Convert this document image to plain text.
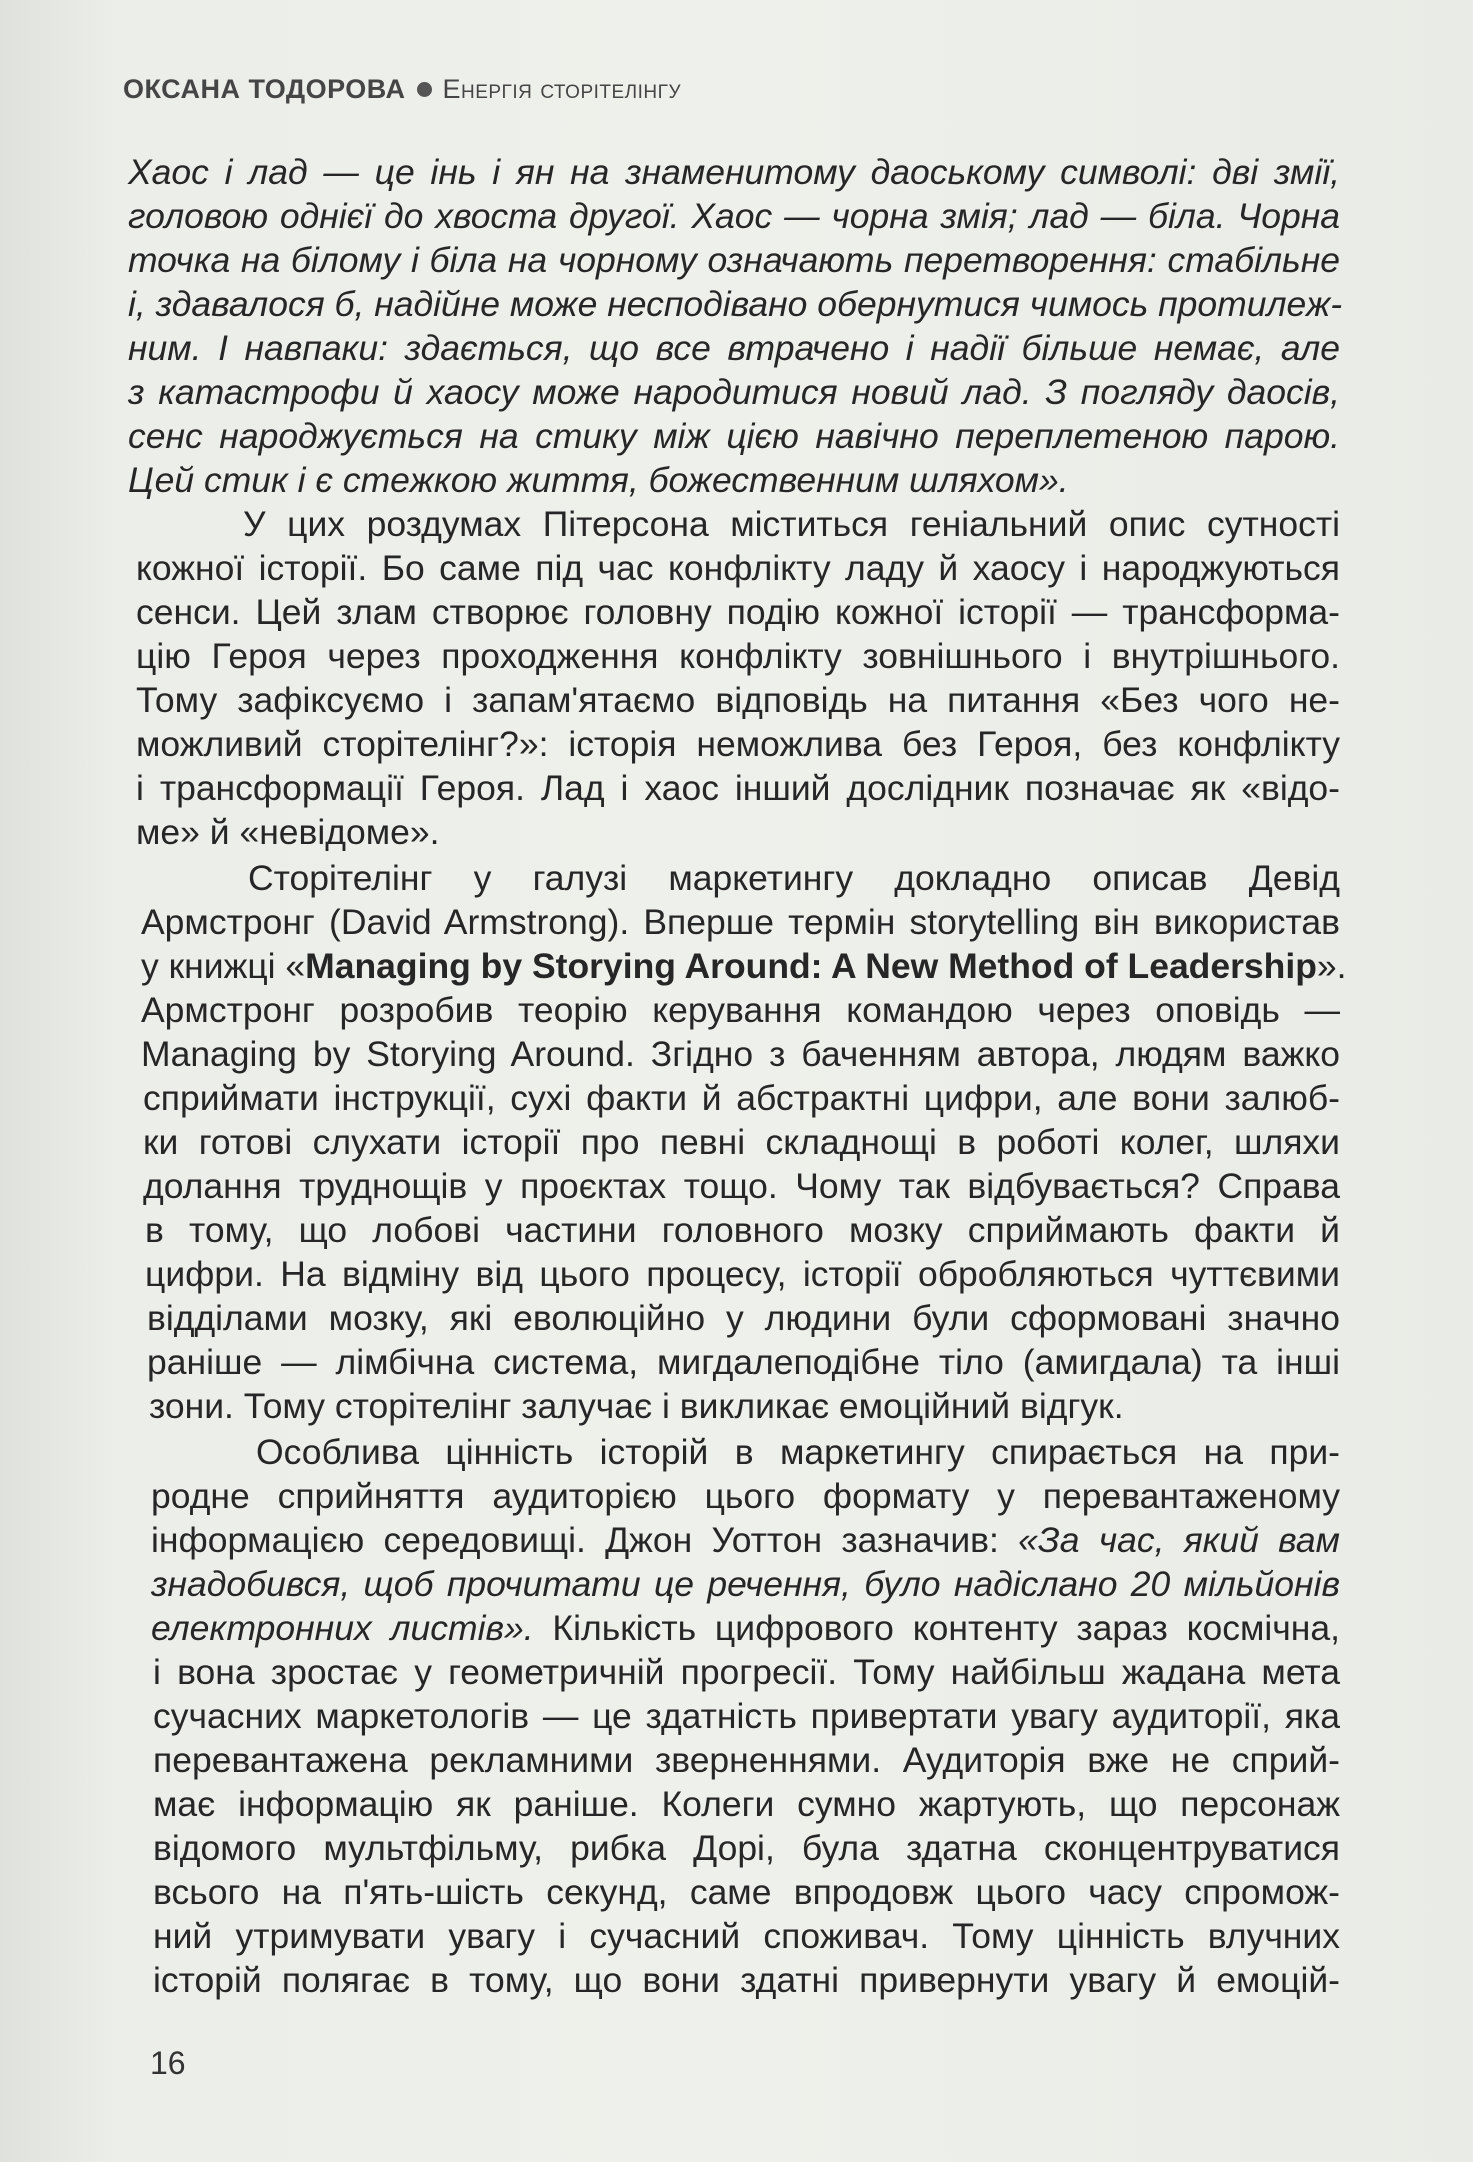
ОКСАНА ТОДОРОВА Енергія сторітелінгу
Хаос і лад — це інь і ян на знаменитому даоському символі: дві змії,
головою однієї до хвоста другої. Хаос — чорна змія; лад — біла. Чорна
точка на білому і біла на чорному означають перетворення: стабільне
і, здавалося б, надійне може несподівано обернутися чимось протилеж-
ним. І навпаки: здається, що все втрачено і надії більше немає, але
з катастрофи й хаосу може народитися новий лад. З погляду даосів,
сенс народжується на стику між цією навічно переплетеною парою.
Цей стик і є стежкою життя, божественним шляхом».
У цих роздумах Пітерсона міститься геніальний опис сутності
кожної історії. Бо саме під час конфлікту ладу й хаосу і народжуються
сенси. Цей злам створює головну подію кожної історії — трансформа-
цію Героя через проходження конфлікту зовнішнього і внутрішнього.
Тому зафіксуємо і запам'ятаємо відповідь на питання «Без чого не-
можливий сторітелінг?»: історія неможлива без Героя, без конфлікту
і трансформації Героя. Лад і хаос інший дослідник позначає як «відо-
ме» й «невідоме».
Сторітелінг у галузі маркетингу докладно описав Девід
Армстронг (David Armstrong). Вперше термін storytelling він використав
у книжці «Managing by Storying Around: A New Method of Leadership».
Армстронг розробив теорію керування командою через оповідь —
Managing by Storying Around. Згідно з баченням автора, людям важко
сприймати інструкції, сухі факти й абстрактні цифри, але вони залюб-
ки готові слухати історії про певні складнощі в роботі колег, шляхи
долання труднощів у проєктах тощо. Чому так відбувається? Справа
в тому, що лобові частини головного мозку сприймають факти й
цифри. На відміну від цього процесу, історії обробляються чуттєвими
відділами мозку, які еволюційно у людини були сформовані значно
раніше — лімбічна система, мигдалеподібне тіло (амигдала) та інші
зони. Тому сторітелінг залучає і викликає емоційний відгук.
Особлива цінність історій в маркетингу спирається на при-
родне сприйняття аудиторією цього формату у перевантаженому
інформацією середовищі. Джон Уоттон зазначив: «За час, який вам
знадобився, щоб прочитати це речення, було надіслано 20 мільйонів
електронних листів». Кількість цифрового контенту зараз космічна,
і вона зростає у геометричній прогресії. Тому найбільш жадана мета
сучасних маркетологів — це здатність привертати увагу аудиторії, яка
перевантажена рекламними зверненнями. Аудиторія вже не сприй-
має інформацію як раніше. Колеги сумно жартують, що персонаж
відомого мультфільму, рибка Дорі, була здатна сконцентруватися
всього на п'ять-шість секунд, саме впродовж цього часу спромож-
ний утримувати увагу і сучасний споживач. Тому цінність влучних
історій полягає в тому, що вони здатні привернути увагу й емоцій-
16
